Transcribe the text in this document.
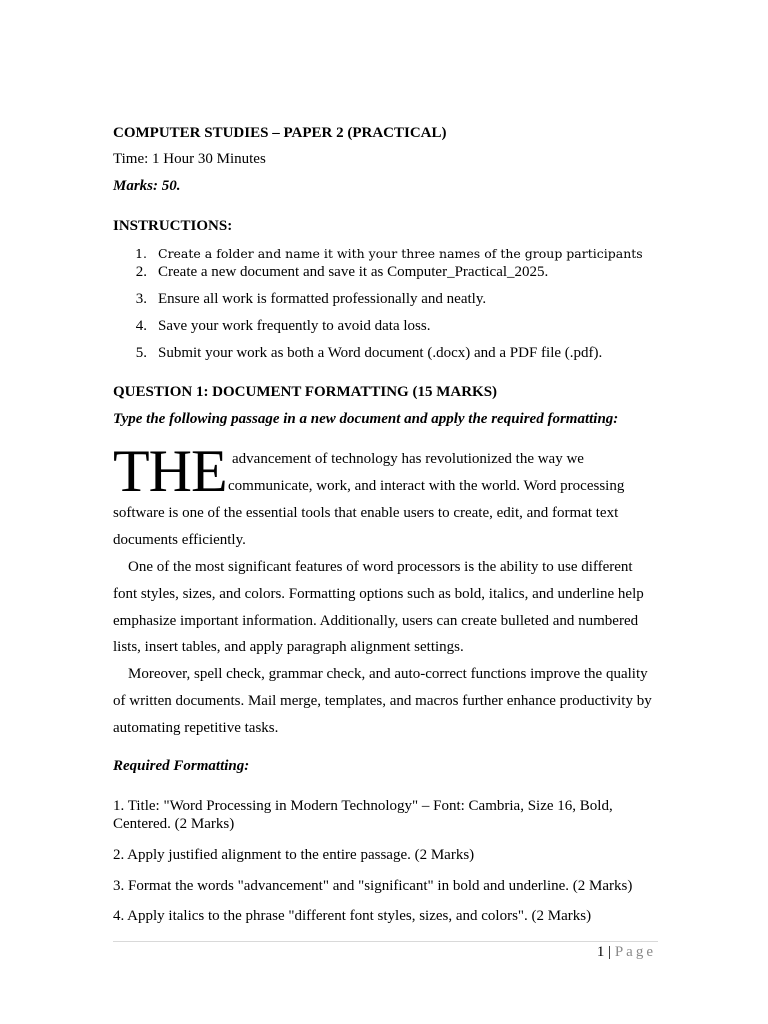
COMPUTER STUDIES – PAPER 2 (PRACTICAL)
Time: 1 Hour 30 Minutes
Marks: 50.
INSTRUCTIONS:
1. Create a folder and name it with your three names of the group participants
2. Create a new document and save it as Computer_Practical_2025.
3. Ensure all work is formatted professionally and neatly.
4. Save your work frequently to avoid data loss.
5. Submit your work as both a Word document (.docx) and a PDF file (.pdf).
QUESTION 1: DOCUMENT FORMATTING (15 MARKS)
Type the following passage in a new document and apply the required formatting:
THE advancement of technology has revolutionized the way we
communicate, work, and interact with the world. Word processing
software is one of the essential tools that enable users to create, edit, and format text
documents efficiently.
One of the most significant features of word processors is the ability to use different
font styles, sizes, and colors. Formatting options such as bold, italics, and underline help
emphasize important information. Additionally, users can create bulleted and numbered
lists, insert tables, and apply paragraph alignment settings.
Moreover, spell check, grammar check, and auto-correct functions improve the quality
of written documents. Mail merge, templates, and macros further enhance productivity by
automating repetitive tasks.
Required Formatting:
1. Title: "Word Processing in Modern Technology" – Font: Cambria, Size 16, Bold,
Centered. (2 Marks)
2. Apply justified alignment to the entire passage. (2 Marks)
3. Format the words "advancement" and "significant" in bold and underline. (2 Marks)
4. Apply italics to the phrase "different font styles, sizes, and colors". (2 Marks)
1 | Page
